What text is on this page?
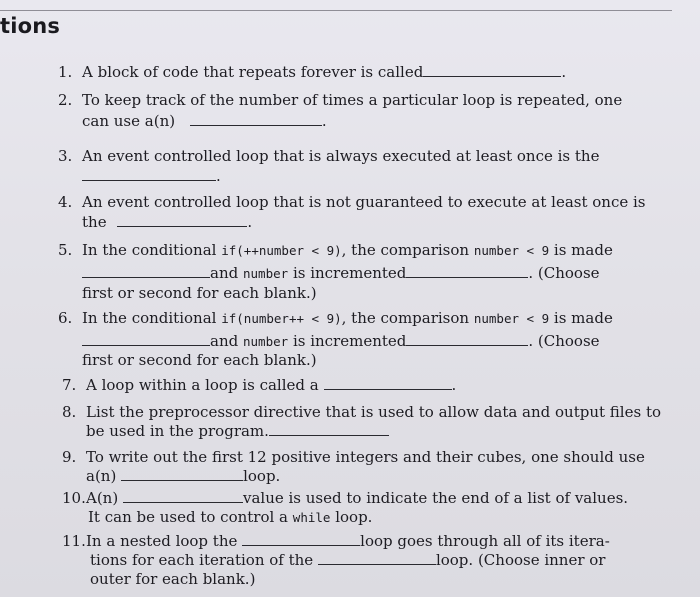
tions
1. A block of code that repeats forever is called	.
2. To keep track of the number of times a particular loop is repeated, one
can use a(n)	.
3. An event controlled loop that is always executed at least once is the
.
4. An event controlled loop that is not guaranteed to execute at least once is
the	.
5. In the conditional if(++number < 9), the comparison number < 9 is made
and number is incremented	. (Choose
first or second for each blank.)
6. In the conditional if(number++ < 9), the comparison number < 9 is made
and number is incremented	. (Choose
first or second for each blank.)
7. A loop within a loop is called a	.
8. List the preprocessor directive that is used to allow data and output files to
be used in the program.
9. To write out the first 12 positive integers and their cubes, one should use
a(n)	loop.
10.A(n)	value is used to indicate the end of a list of values.
It can be used to control a while loop.
11.In a nested loop the	loop goes through all of its itera-
tions for each iteration of the	loop. (Choose inner or
outer for each blank.)
